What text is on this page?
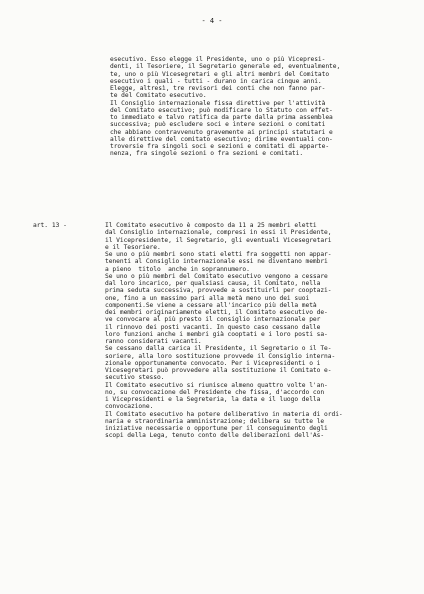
- 4 -
esecutivo. Esso elegge il Presidente, uno o più Vicepresi-
denti, il Tesoriere, il Segretario generale ed, eventualmente,
te, uno o più Vicesegretari e gli altri membri del Comitato
esecutivo i quali - tutti - durano in carica cinque anni.
Elegge, altresì, tre revisori dei conti che non fanno par-
te del Comitato esecutivo.
Il Consiglio internazionale fissa direttive per l'attività
del Comitato esecutivo; può modificare lo Statuto con effet-
to immediato e talvo ratifica da parte dalla prima assemblea
successiva; può escludere soci e intere sezioni o comitati
che abbiano contravvenuto gravemente ai principi statutari e
alle direttive del comitato esecutivo; dirime eventuali con-
troversie fra singoli soci e sezioni e comitati di apparte-
nenza, fra singole sezioni o fra sezioni e comitati.
art. 13 -	Il Comitato esecutivo è composto da 11 a 25 membri eletti
dal Consiglio internazionale, compresi in essi il Presidente,
il Vicepresidente, il Segretario, gli eventuali Vicesegretari
e il Tesoriere.
Se uno o più membri sono stati eletti fra soggetti non appar-
tenenti al Consiglio internazionale essi ne diventano membri
a pieno  titolo  anche in soprannumero.
Se uno o più membri del Comitato esecutivo vengono a cessare
dal loro incarico, per qualsiasi causa, il Comitato, nella
prima seduta successiva, provvede a sostituirli per cooptazi-
one, fino a un massimo pari alla metà meno uno dei suoi
componenti.Se viene a cessare all'incarico più della metà
dei membri originariamente eletti, il Comitato esecutivo de-
ve convocare al più presto il consiglio internazionale per
il rinnovo dei posti vacanti. In questo caso cessano dalle
loro funzioni anche i membri già cooptati e i loro posti sa-
ranno considerati vacanti.
Se cessano dalla carica il Presidente, il Segretario o il Te-
soriere, alla loro sostituzione provvede il Consiglio interna-
zionale opportunamente convocato. Per i Vicepresidenti o i
Vicesegretari può provvedere alla sostituzione il Comitato e-
secutivo stesso.
Il Comitato esecutivo si riunisce almeno quattro volte l'an-
no, su convocazione del Presidente che fissa, d'accordo con
i Vicepresidenti e la Segreteria, la data e il luogo della
convocazione.
Il Comitato esecutivo ha potere deliberativo in materia di ordi-
naria e straordinaria amministrazione; delibera su tutte le
iniziative necessarie o opportune per il conseguimento degli
scopi della Lega, tenuto conto delle deliberazioni dell'As-
